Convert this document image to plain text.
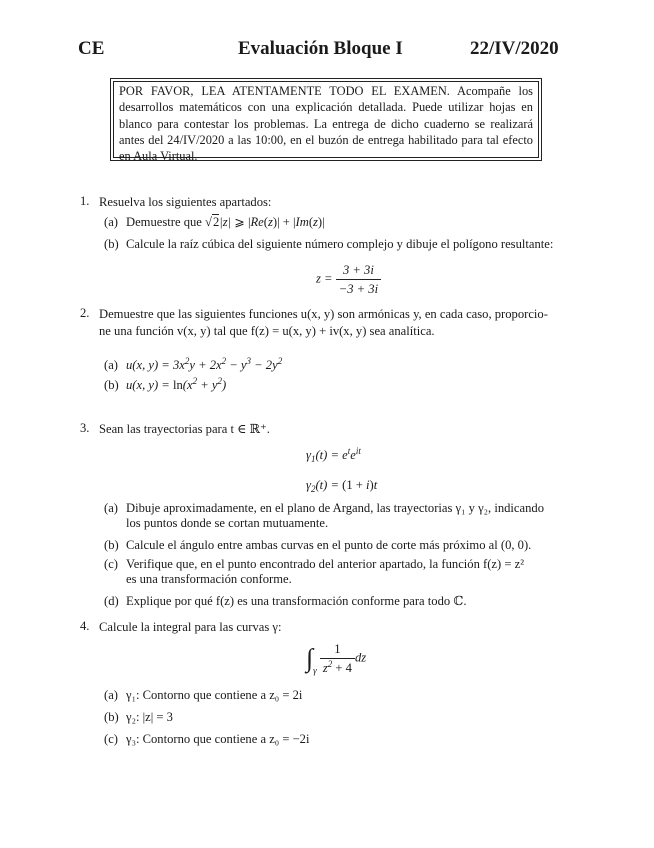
CE	Evaluación Bloque I	22/IV/2020
POR FAVOR, LEA ATENTAMENTE TODO EL EXAMEN. Acompañe los desarrollos matemáticos con una explicación detallada. Puede utilizar hojas en blanco para contestar los problemas. La entrega de dicho cuaderno se realizará antes del 24/IV/2020 a las 10:00, en el buzón de entrega habilitado para tal efecto en Aula Virtual.
1. Resuelva los siguientes apartados:
(a) Demuestre que √2|z| ⩾ |Re(z)| + |Im(z)|
(b) Calcule la raíz cúbica del siguiente número complejo y dibuje el polígono resultante:
$z = \frac{3 + 3i}{-3 + 3i}$
2. Demuestre que las siguientes funciones u(x, y) son armónicas y, en cada caso, proporcio-
ne una función v(x, y) tal que f(z) = u(x, y) + iv(x, y) sea analítica.
(a) u(x, $y) = 3x^2y + 2x^2 - y^3 - 2y^2$
(b) u(x, $y) = \ln(x^2 + y^2)$
3. Sean las trayectorias para t ∈ ℝ⁺.
$\gamma_1(t) = e^te^{it}$
$\gamma_2(t) = (1 + i)t$
(a) Dibuje aproximadamente, en el plano de Argand, las trayectorias γ₁ y γ₂, indicando
los puntos donde se cortan mutuamente.
(b) Calcule el ángulo entre ambas curvas en el punto de corte más próximo al (0, 0).
(c) Verifique que, en el punto encontrado del anterior apartado, la función f(z) = z²
es una transformación conforme.
(d) Explique por qué f(z) es una transformación conforme para todo ℂ.
4. Calcule la integral para las curvas γ:
$\int_\gamma \frac{1}{z^2 + 4}$ dz
(a) γ₁: Contorno que contiene a z₀ = 2i
(b) γ₂: |z| = 3
(c) γ₃: Contorno que contiene a z₀ = −2i
